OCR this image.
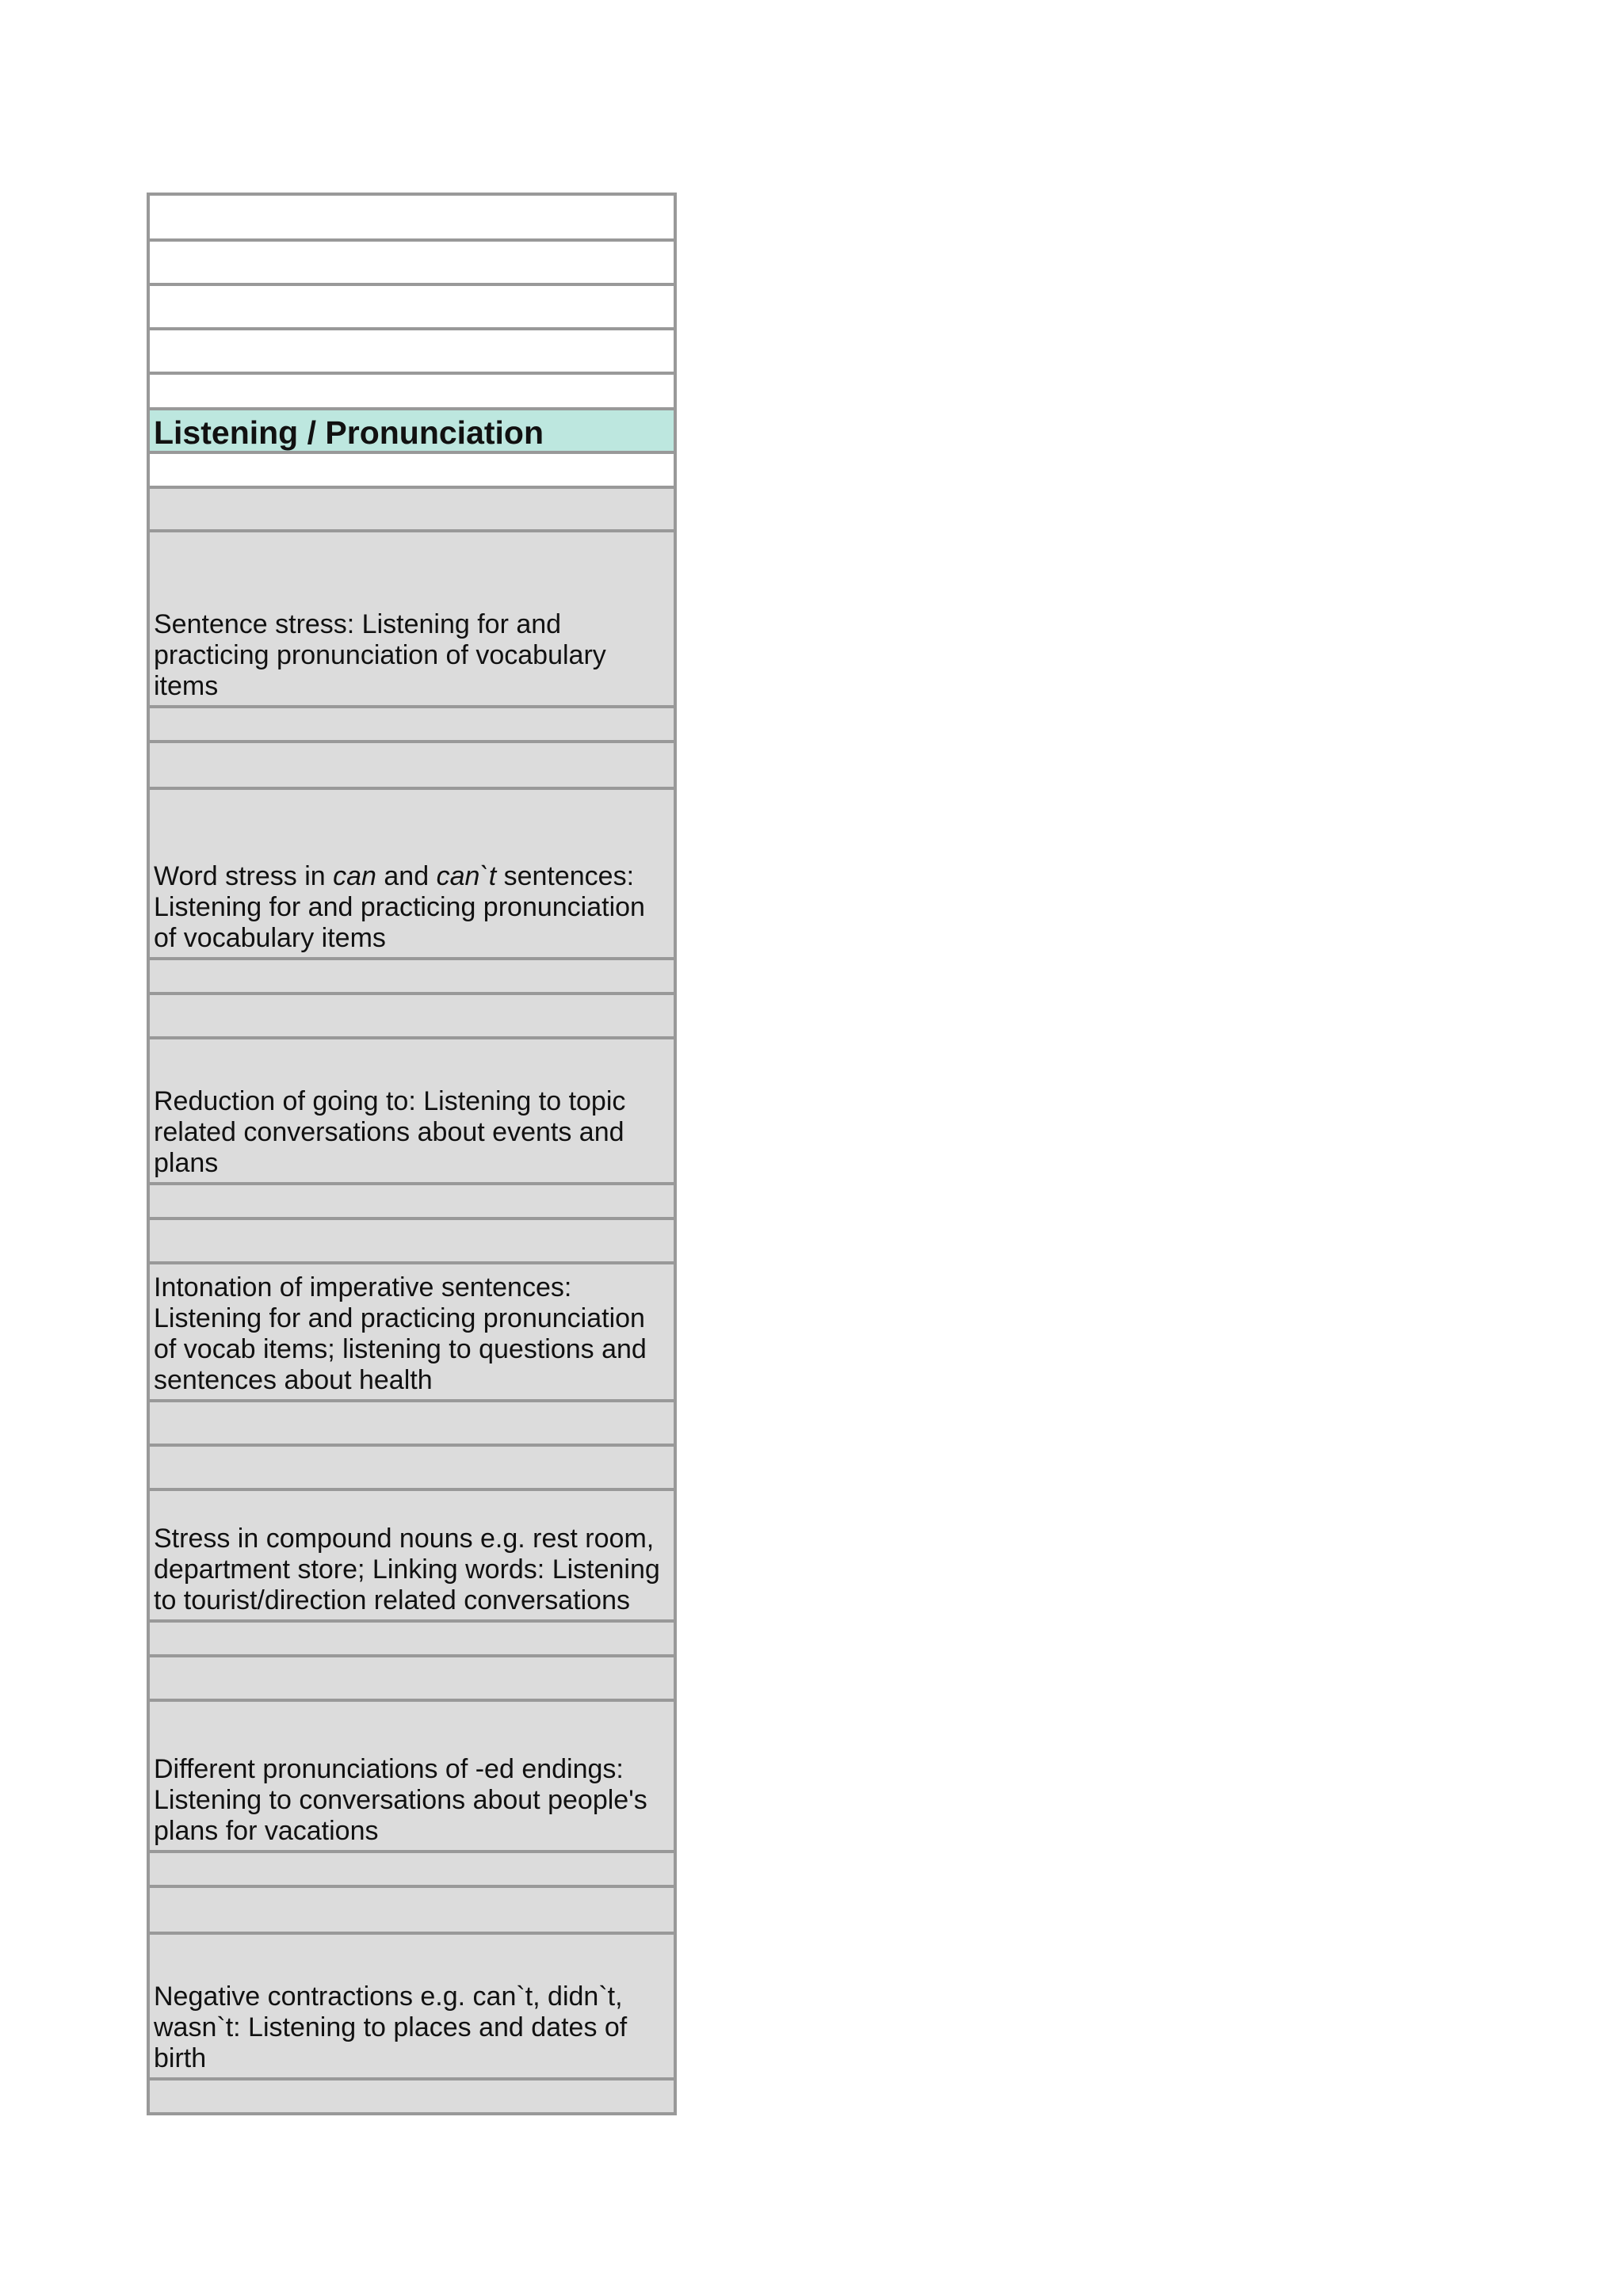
Listening / Pronunciation
Sentence stress: Listening for and practicing pronunciation of vocabulary items
Word stress in can and can`t sentences: Listening for and practicing pronunciation of vocabulary items
Reduction of going to: Listening to topic related conversations about events and plans
Intonation of imperative sentences: Listening for and practicing pronunciation of vocab items; listening to questions and sentences about health
Stress in compound nouns e.g. rest room, department store; Linking words: Listening to tourist/direction related conversations
Different pronunciations of -ed endings: Listening to conversations about people's plans for vacations
Negative contractions e.g. can`t, didn`t, wasn`t: Listening to places and dates of birth
